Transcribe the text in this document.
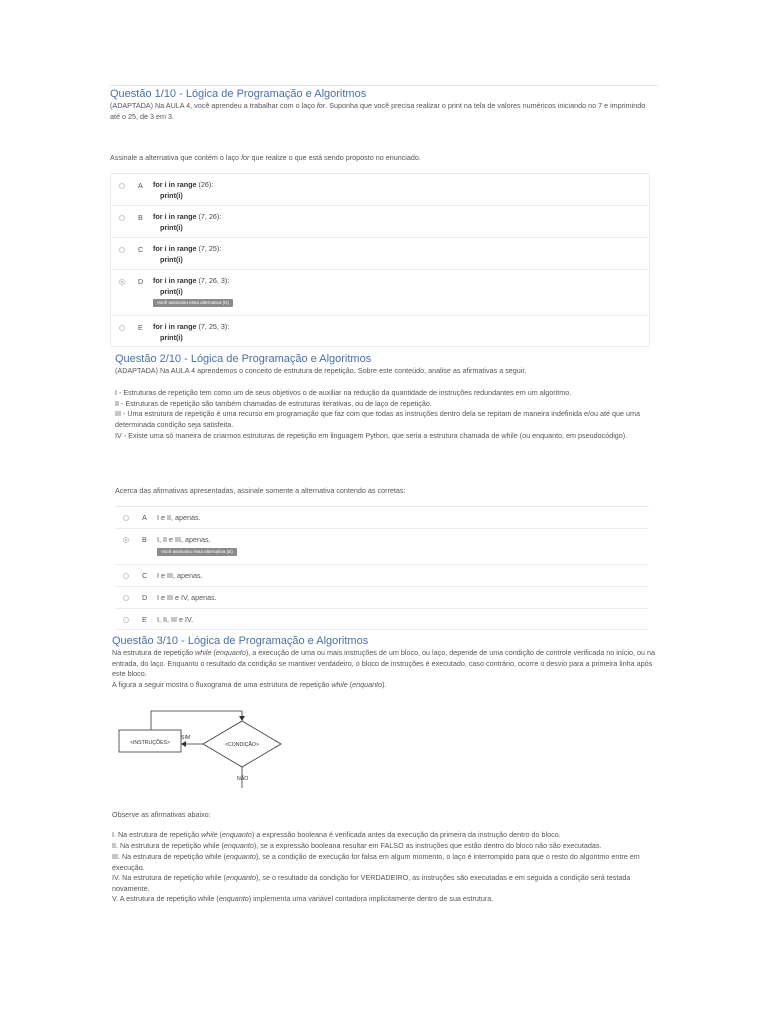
Questão 1/10 - Lógica de Programação e Algoritmos

(ADAPTADA) Na AULA 4, você aprendeu a trabalhar com o laço for. Suponha que você precisa realizar o print na tela de valores numéricos iniciando no 7 e imprimindo até o 25, de 3 em 3.

Assinale a alternativa que contém o laço for que realize o que está sendo proposto no enunciado.

A for i in range (26):
print(i)
B for i in range (7, 26):
print(i)
C for i in range (7, 25):
print(i)
D for i in range (7, 26, 3):
print(i)
Você assinalou essa alternativa (D)
E for i in range (7, 25, 3):
print(i)
Questão 2/10 - Lógica de Programação e Algoritmos

(ADAPTADA) Na AULA 4 aprendemos o conceito de estrutura de repetição. Sobre este conteúdo, analise as afirmativas a seguir.

I - Estruturas de repetição tem como um de seus objetivos o de auxiliar na redução da quantidade de instruções redundantes em um algoritmo.

II - Estruturas de repetição são também chamadas de estruturas iterativas, ou de laço de repetição.

III - Uma estrutura de repetição é uma recurso em programação que faz com que todas as instruções dentro dela se repitam de maneira indefinida e/ou até que uma determinada condição seja satisfeita.

IV - Existe uma só maneira de criarmos estruturas de repetição em linguagem Python, que seria a estrutura chamada de while (ou enquanto, em pseudocódigo).

Acerca das afirmativas apresentadas, assinale somente a alternativa contendo as corretas:

A I e II, apenas.
B I, II e III, apenas.
Você assinalou essa alternativa (B)
C I e III, apenas.
D I e III e IV, apenas.
E I, II, III e IV.
Questão 3/10 - Lógica de Programação e Algoritmos

Na estrutura de repetição while (enquanto), a execução de uma ou mais instruções de um bloco, ou laço, depende de uma condição de controle verificada no início, ou na entrada, do laço. Enquanto o resultado da condição se mantiver verdadeiro, o bloco de instruções é executado, caso contrário, ocorre o desvio para a primeira linha após este bloco.

A figura a seguir mostra o fluxograma de uma estrutura de repetição while (enquanto).

<INSTRUÇÕES>	<CONDIÇÃO>
SIM
NÃO

Observe as afirmativas abaixo:

I. Na estrutura de repetição while (enquanto) a expressão booleana é verificada antes da execução da primeira da instrução dentro do bloco.

II. Na estrutura de repetição while (enquanto), se a expressão booleana resultar em FALSO as instruções que estão dentro do bloco não são executadas.

III. Na estrutura de repetição while (enquanto), se a condição de execução for falsa em algum momento, o laço é interrompido para que o resto do algoritmo entre em execução.

IV. Na estrutura de repetição while (enquanto), se o resultado da condição for VERDADEIRO, as instruções são executadas e em seguida a condição será testada novamente.

V. A estrutura de repetição while (enquanto) implementa uma variável contadora implicitamente dentro de sua estrutura.
